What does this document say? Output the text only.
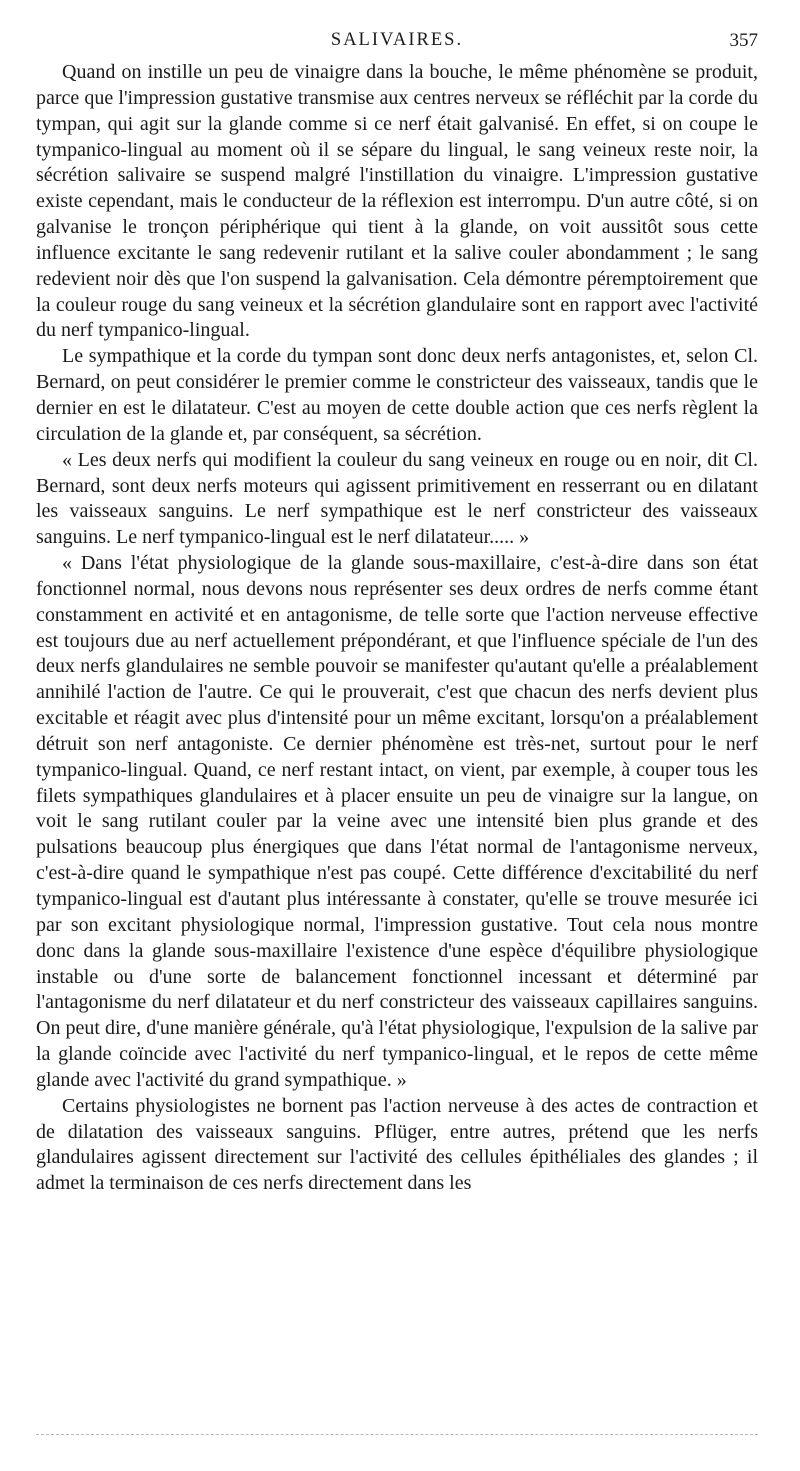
SALIVAIRES.	357

Quand on instille un peu de vinaigre dans la bouche, le même phénomène se produit, parce que l'impression gustative transmise aux centres nerveux se réfléchit par la corde du tympan, qui agit sur la glande comme si ce nerf était galvanisé. En effet, si on coupe le tympanico-lingual au moment où il se sépare du lingual, le sang veineux reste noir, la sécrétion salivaire se suspend malgré l'instillation du vinaigre. L'impression gustative existe cependant, mais le conducteur de la réflexion est interrompu. D'un autre côté, si on galvanise le tronçon périphérique qui tient à la glande, on voit aussitôt sous cette influence excitante le sang redevenir rutilant et la salive couler abondamment ; le sang redevient noir dès que l'on suspend la galvanisation. Cela démontre péremptoirement que la couleur rouge du sang veineux et la sécrétion glandulaire sont en rapport avec l'activité du nerf tympanico-lingual.

Le sympathique et la corde du tympan sont donc deux nerfs antagonistes, et, selon Cl. Bernard, on peut considérer le premier comme le constricteur des vaisseaux, tandis que le dernier en est le dilatateur. C'est au moyen de cette double action que ces nerfs règlent la circulation de la glande et, par conséquent, sa sécrétion.

« Les deux nerfs qui modifient la couleur du sang veineux en rouge ou en noir, dit Cl. Bernard, sont deux nerfs moteurs qui agissent primitivement en resserrant ou en dilatant les vaisseaux sanguins. Le nerf sympathique est le nerf constricteur des vaisseaux sanguins. Le nerf tympanico-lingual est le nerf dilatateur..... »

« Dans l'état physiologique de la glande sous-maxillaire, c'est-à-dire dans son état fonctionnel normal, nous devons nous représenter ses deux ordres de nerfs comme étant constamment en activité et en antagonisme, de telle sorte que l'action nerveuse effective est toujours due au nerf actuellement prépondérant, et que l'influence spéciale de l'un des deux nerfs glandulaires ne semble pouvoir se manifester qu'autant qu'elle a préalablement annihilé l'action de l'autre. Ce qui le prouverait, c'est que chacun des nerfs devient plus excitable et réagit avec plus d'intensité pour un même excitant, lorsqu'on a préalablement détruit son nerf antagoniste. Ce dernier phénomène est très-net, surtout pour le nerf tympanico-lingual. Quand, ce nerf restant intact, on vient, par exemple, à couper tous les filets sympathiques glandulaires et à placer ensuite un peu de vinaigre sur la langue, on voit le sang rutilant couler par la veine avec une intensité bien plus grande et des pulsations beaucoup plus énergiques que dans l'état normal de l'antagonisme nerveux, c'est-à-dire quand le sympathique n'est pas coupé. Cette différence d'excitabilité du nerf tympanico-lingual est d'autant plus intéressante à constater, qu'elle se trouve mesurée ici par son excitant physiologique normal, l'impression gustative. Tout cela nous montre donc dans la glande sous-maxillaire l'existence d'une espèce d'équilibre physiologique instable ou d'une sorte de balancement fonctionnel incessant et déterminé par l'antagonisme du nerf dilatateur et du nerf constricteur des vaisseaux capillaires sanguins. On peut dire, d'une manière générale, qu'à l'état physiologique, l'expulsion de la salive par la glande coïncide avec l'activité du nerf tympanico-lingual, et le repos de cette même glande avec l'activité du grand sympathique. »

Certains physiologistes ne bornent pas l'action nerveuse à des actes de contraction et de dilatation des vaisseaux sanguins. Pflüger, entre autres, prétend que les nerfs glandulaires agissent directement sur l'activité des cellules épithéliales des glandes ; il admet la terminaison de ces nerfs directement dans les
